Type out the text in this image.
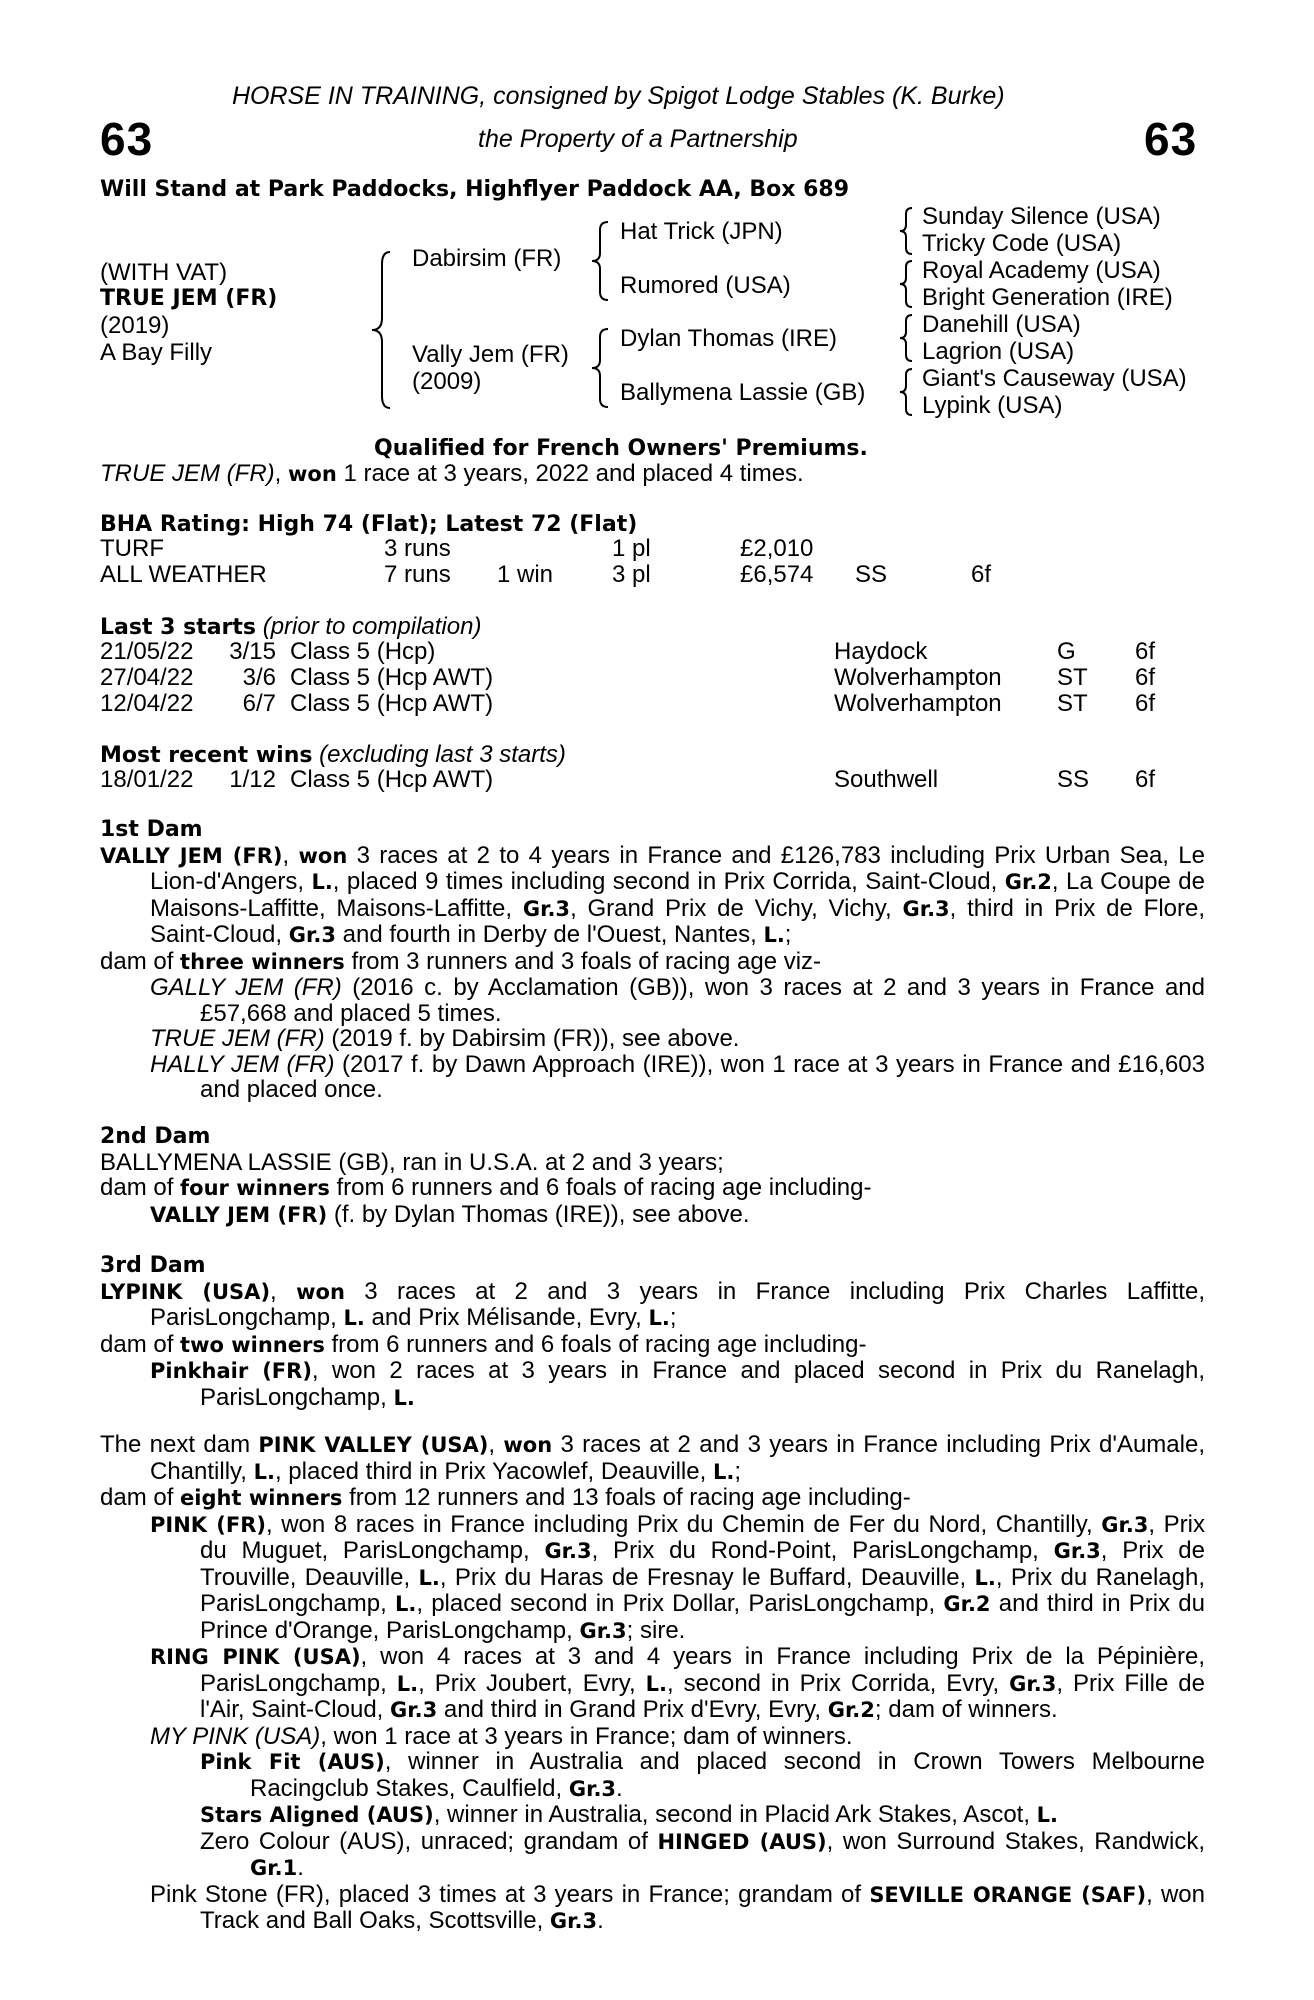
HORSE IN TRAINING, consigned by Spigot Lodge Stables (K. Burke)
63	the Property of a Partnership	63
Will Stand at Park Paddocks, Highflyer Paddock AA, Box 689
(WITH VAT)
TRUE JEM (FR)
(2019)
A Bay Filly
Dabirsim (FR)
Vally Jem (FR)
(2009)
Hat Trick (JPN)
Rumored (USA)
Dylan Thomas (IRE)
Ballymena Lassie (GB)
Sunday Silence (USA)
Tricky Code (USA)
Royal Academy (USA)
Bright Generation (IRE)
Danehill (USA)
Lagrion (USA)
Giant's Causeway (USA)
Lypink (USA)
Qualified for French Owners' Premiums.
TRUE JEM (FR), won 1 race at 3 years, 2022 and placed 4 times.
BHA Rating: High 74 (Flat); Latest 72 (Flat)
TURF	3 runs		1 pl	£2,010		
ALL WEATHER	7 runs	1 win	3 pl	£6,574	SS	6f
Last 3 starts (prior to compilation)
21/05/22	3/15	Class 5 (Hcp)	Haydock	G	6f
27/04/22	3/6	Class 5 (Hcp AWT)	Wolverhampton	ST	6f
12/04/22	6/7	Class 5 (Hcp AWT)	Wolverhampton	ST	6f
Most recent wins (excluding last 3 starts)
18/01/22	1/12	Class 5 (Hcp AWT)	Southwell	SS	6f

1st Dam

VALLY JEM (FR), won 3 races at 2 to 4 years in France and £126,783 including Prix Urban Sea, Le Lion-d'Angers, L., placed 9 times including second in Prix Corrida, Saint-Cloud, Gr.2, La Coupe de Maisons-Laffitte, Maisons-Laffitte, Gr.3, Grand Prix de Vichy, Vichy, Gr.3, third in Prix de Flore, Saint-Cloud, Gr.3 and fourth in Derby de l'Ouest, Nantes, L.;

dam of three winners from 3 runners and 3 foals of racing age viz-

GALLY JEM (FR) (2016 c. by Acclamation (GB)), won 3 races at 2 and 3 years in France and £57,668 and placed 5 times.

TRUE JEM (FR) (2019 f. by Dabirsim (FR)), see above.

HALLY JEM (FR) (2017 f. by Dawn Approach (IRE)), won 1 race at 3 years in France and £16,603 and placed once.

2nd Dam

BALLYMENA LASSIE (GB), ran in U.S.A. at 2 and 3 years;

dam of four winners from 6 runners and 6 foals of racing age including-

VALLY JEM (FR) (f. by Dylan Thomas (IRE)), see above.

3rd Dam

LYPINK (USA), won 3 races at 2 and 3 years in France including Prix Charles Laffitte, ParisLongchamp, L. and Prix Mélisande, Evry, L.;

dam of two winners from 6 runners and 6 foals of racing age including-

Pinkhair (FR), won 2 races at 3 years in France and placed second in Prix du Ranelagh, ParisLongchamp, L.

The next dam PINK VALLEY (USA), won 3 races at 2 and 3 years in France including Prix d'Aumale, Chantilly, L., placed third in Prix Yacowlef, Deauville, L.;

dam of eight winners from 12 runners and 13 foals of racing age including-

PINK (FR), won 8 races in France including Prix du Chemin de Fer du Nord, Chantilly, Gr.3, Prix du Muguet, ParisLongchamp, Gr.3, Prix du Rond-Point, ParisLongchamp, Gr.3, Prix de Trouville, Deauville, L., Prix du Haras de Fresnay le Buffard, Deauville, L., Prix du Ranelagh, ParisLongchamp, L., placed second in Prix Dollar, ParisLongchamp, Gr.2 and third in Prix du Prince d'Orange, ParisLongchamp, Gr.3; sire.

RING PINK (USA), won 4 races at 3 and 4 years in France including Prix de la Pépinière, ParisLongchamp, L., Prix Joubert, Evry, L., second in Prix Corrida, Evry, Gr.3, Prix Fille de l'Air, Saint-Cloud, Gr.3 and third in Grand Prix d'Evry, Evry, Gr.2; dam of winners.

MY PINK (USA), won 1 race at 3 years in France; dam of winners.

Pink Fit (AUS), winner in Australia and placed second in Crown Towers Melbourne Racingclub Stakes, Caulfield, Gr.3.

Stars Aligned (AUS), winner in Australia, second in Placid Ark Stakes, Ascot, L.

Zero Colour (AUS), unraced; grandam of HINGED (AUS), won Surround Stakes, Randwick, Gr.1.

Pink Stone (FR), placed 3 times at 3 years in France; grandam of SEVILLE ORANGE (SAF), won Track and Ball Oaks, Scottsville, Gr.3.
